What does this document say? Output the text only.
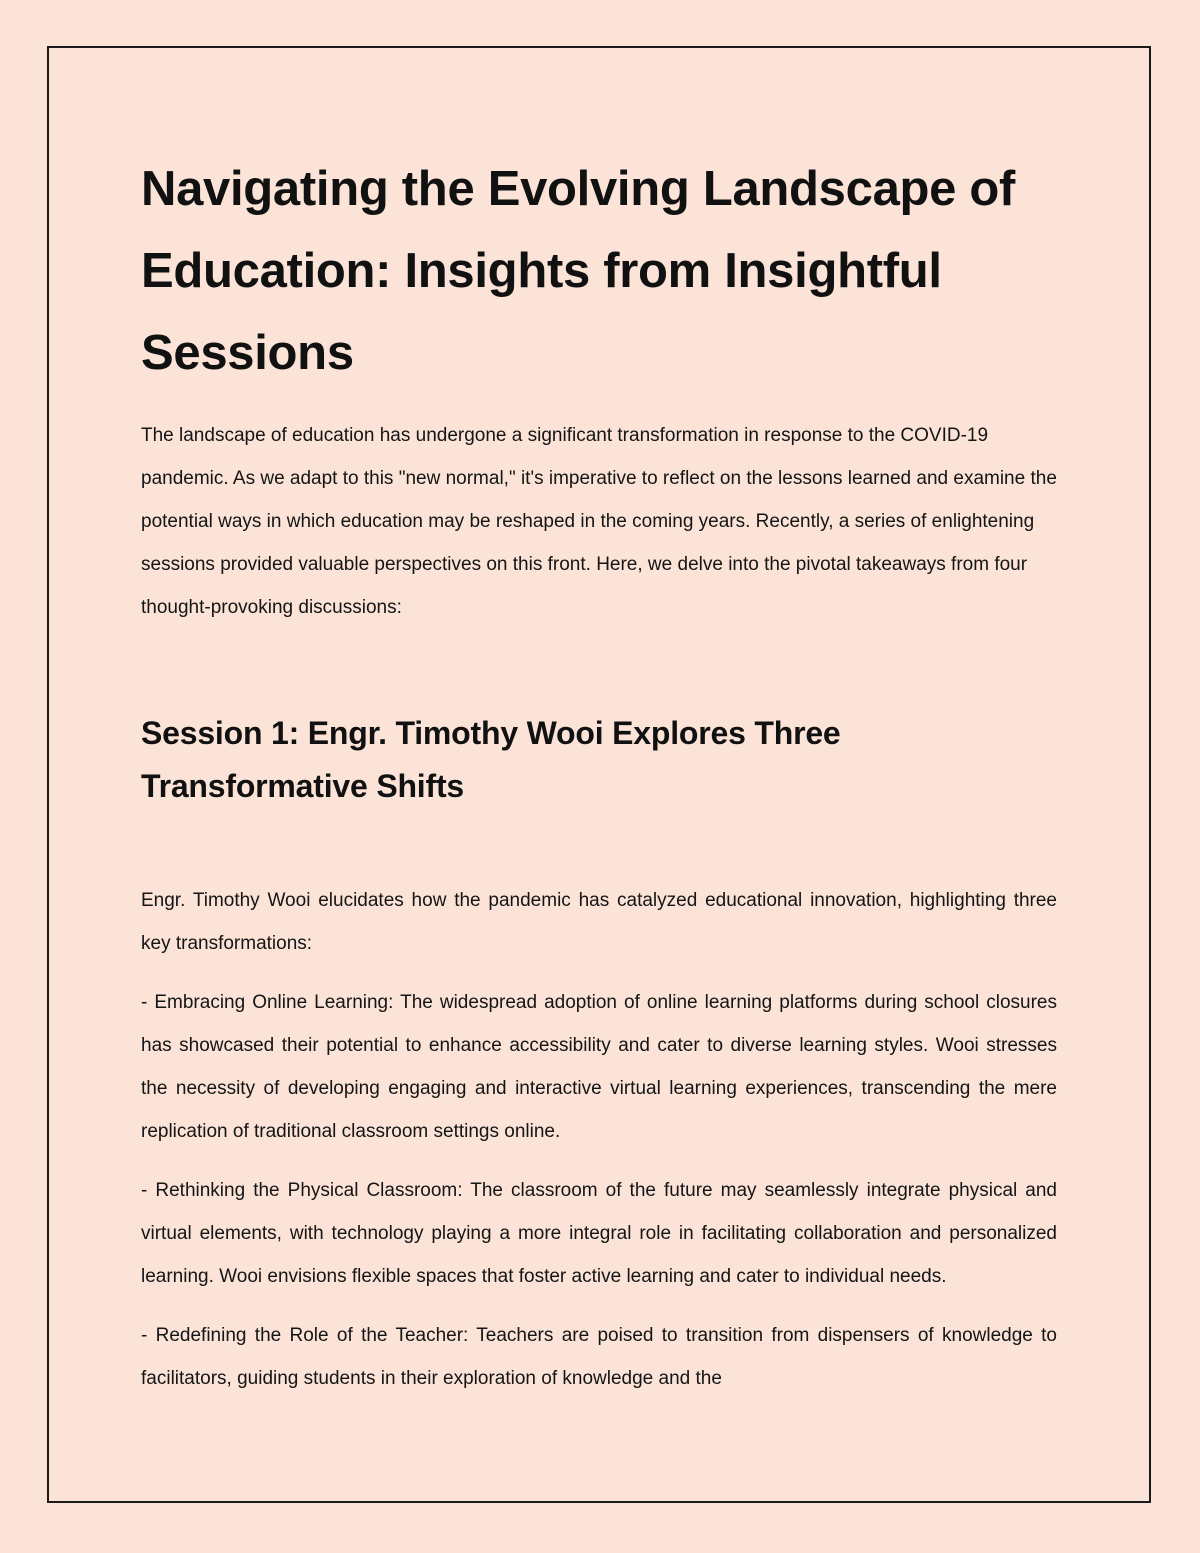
Navigating the Evolving Landscape of Education: Insights from Insightful Sessions

The landscape of education has undergone a significant transformation in response to the COVID-19 pandemic. As we adapt to this "new normal," it's imperative to reflect on the lessons learned and examine the potential ways in which education may be reshaped in the coming years. Recently, a series of enlightening sessions provided valuable perspectives on this front. Here, we delve into the pivotal takeaways from four thought-provoking discussions:

Session 1: Engr. Timothy Wooi Explores Three Transformative Shifts

Engr. Timothy Wooi elucidates how the pandemic has catalyzed educational innovation, highlighting three key transformations:

- Embracing Online Learning: The widespread adoption of online learning platforms during school closures has showcased their potential to enhance accessibility and cater to diverse learning styles. Wooi stresses the necessity of developing engaging and interactive virtual learning experiences, transcending the mere replication of traditional classroom settings online.

- Rethinking the Physical Classroom: The classroom of the future may seamlessly integrate physical and virtual elements, with technology playing a more integral role in facilitating collaboration and personalized learning. Wooi envisions flexible spaces that foster active learning and cater to individual needs.

- Redefining the Role of the Teacher: Teachers are poised to transition from dispensers of knowledge to facilitators, guiding students in their exploration of knowledge and the
